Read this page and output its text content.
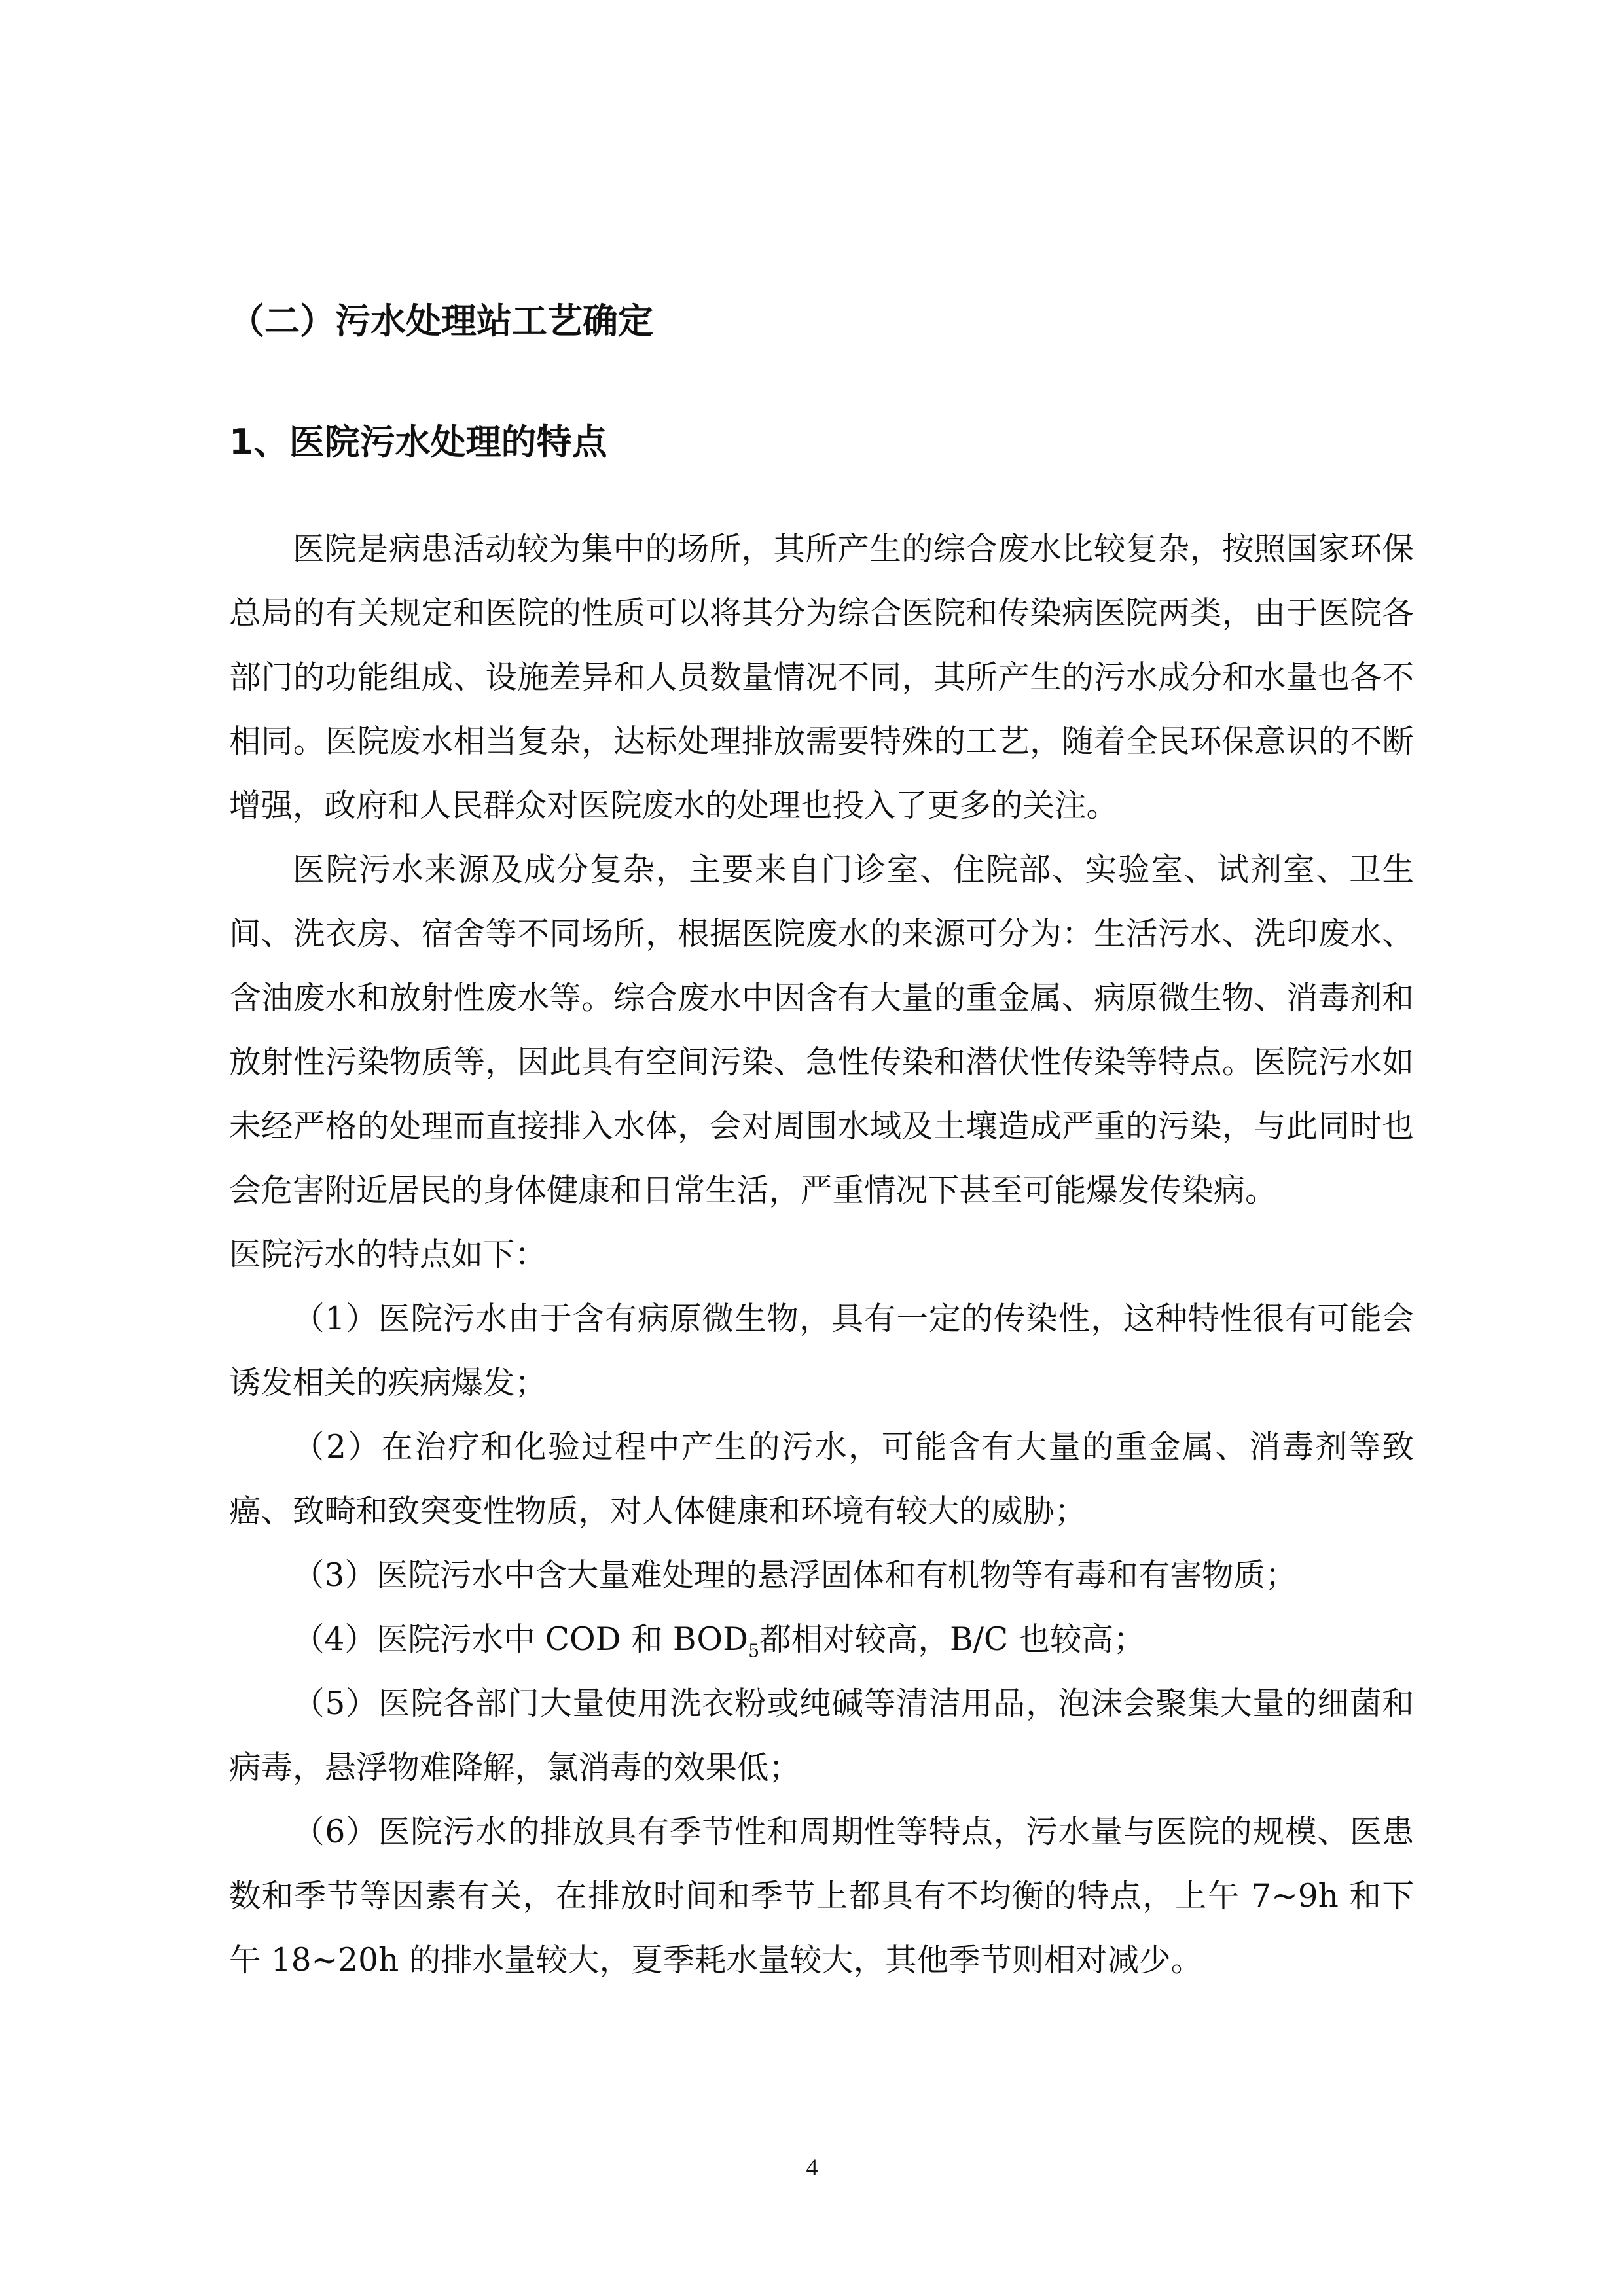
（二）污水处理站工艺确定
1、医院污水处理的特点

医院是病患活动较为集中的场所，其所产生的综合废水比较复杂，按照国家环保总局的有关规定和医院的性质可以将其分为综合医院和传染病医院两类，由于医院各部门的功能组成、设施差异和人员数量情况不同，其所产生的污水成分和水量也各不相同。医院废水相当复杂，达标处理排放需要特殊的工艺，随着全民环保意识的不断增强，政府和人民群众对医院废水的处理也投入了更多的关注。

医院污水来源及成分复杂，主要来自门诊室、住院部、实验室、试剂室、卫生间、洗衣房、宿舍等不同场所，根据医院废水的来源可分为：生活污水、洗印废水、含油废水和放射性废水等。综合废水中因含有大量的重金属、病原微生物、消毒剂和放射性污染物质等，因此具有空间污染、急性传染和潜伏性传染等特点。医院污水如未经严格的处理而直接排入水体，会对周围水域及土壤造成严重的污染，与此同时也会危害附近居民的身体健康和日常生活，严重情况下甚至可能爆发传染病。

医院污水的特点如下：

（1）医院污水由于含有病原微生物，具有一定的传染性，这种特性很有可能会诱发相关的疾病爆发；

（2）在治疗和化验过程中产生的污水，可能含有大量的重金属、消毒剂等致癌、致畸和致突变性物质，对人体健康和环境有较大的威胁；

（3）医院污水中含大量难处理的悬浮固体和有机物等有毒和有害物质；

（4）医院污水中 COD 和 $BOD_5$都相对较高，B/C 也较高；

（5）医院各部门大量使用洗衣粉或纯碱等清洁用品，泡沫会聚集大量的细菌和病毒，悬浮物难降解，氯消毒的效果低；

（6）医院污水的排放具有季节性和周期性等特点，污水量与医院的规模、医患数和季节等因素有关，在排放时间和季节上都具有不均衡的特点，上午 7~9h 和下午 18~20h 的排水量较大，夏季耗水量较大，其他季节则相对减少。

4
